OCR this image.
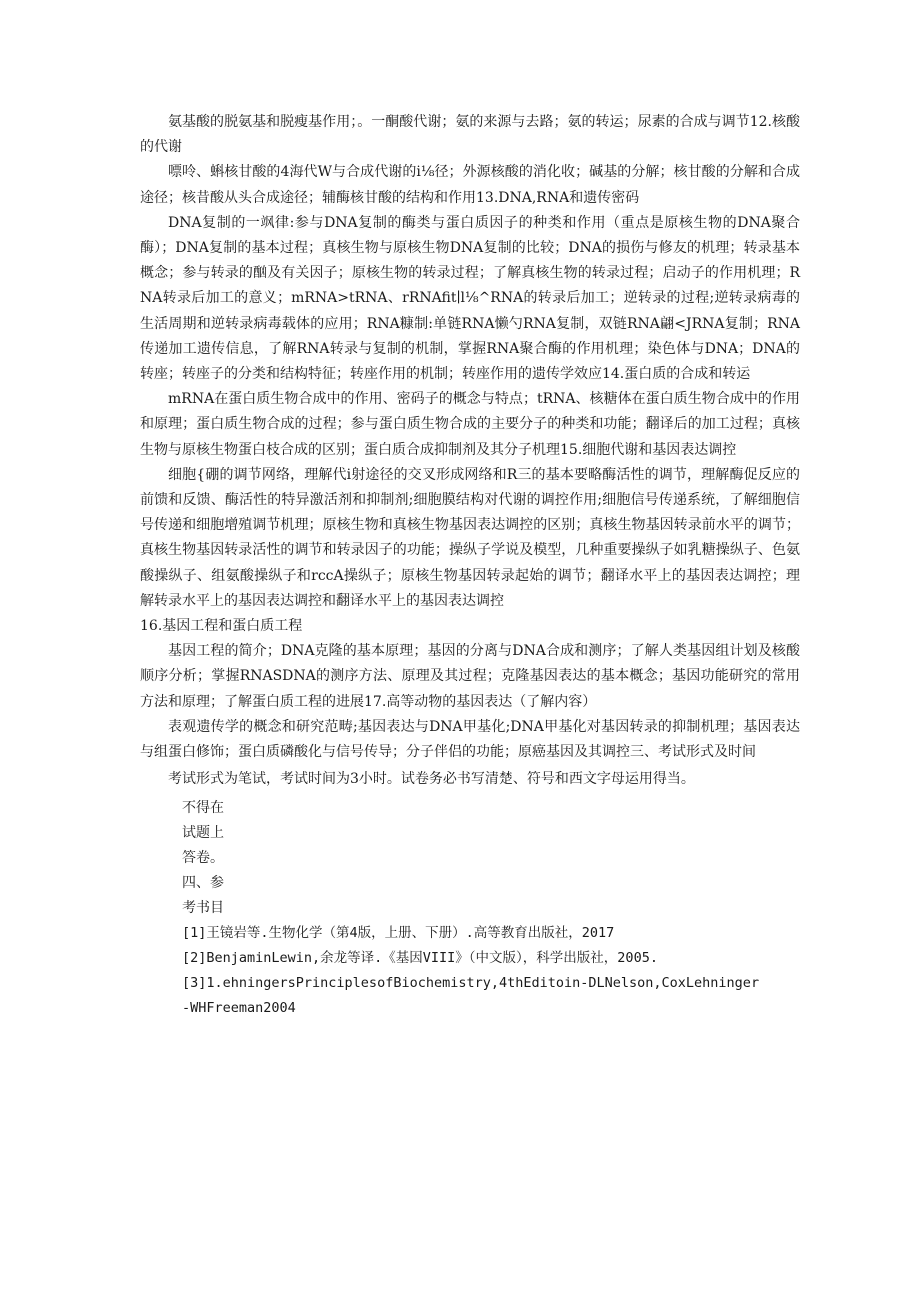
氨基酸的脱氨基和脱瘦基作用；。一酮酸代谢；氨的来源与去路；氨的转运；尿素的合成与调节12.核酸的代谢

嘌呤、蝌核甘酸的4海代W与合成代谢的i⅛径；外源核酸的消化收；碱基的分解；核甘酸的分解和合成途径；核昔酸从头合成途径；辅酶核甘酸的结构和作用13.DNA,RNA和遗传密码

DNA复制的一飒律:参与DNA复制的酶类与蛋白质因子的种类和作用（重点是原核生物的DNA聚合酶）；DNA复制的基本过程；真核生物与原核生物DNA复制的比较；DNA的损伤与修友的机理；转录基本概念；参与转录的酗及有关因子；原核生物的转录过程；了解真核生物的转录过程；启动子的作用机理；RNA转录后加工的意义；mRNA>tRNA、rRNAfit∣l⅛^RNA的转录后加工；逆转录的过程;逆转录病毒的生活周期和逆转录病毒载体的应用；RNA糠制:单链RNA懒勺RNA复制，双链RNA翩<JRNA复制；RNA传递加工遗传信息，了解RNA转录与复制的机制，掌握RNA聚合酶的作用机理；染色体与DNA；DNA的转座；转座子的分类和结构特征；转座作用的机制；转座作用的遗传学效应14.蛋白质的合成和转运

mRNA在蛋白质生物合成中的作用、密码子的概念与特点；tRNA、核糖体在蛋白质生物合成中的作用和原理；蛋白质生物合成的过程；参与蛋白质生物合成的主要分子的种类和功能；翻译后的加工过程；真核生物与原核生物蛋白枝合成的区别；蛋白质合成抑制剂及其分子机理15.细胞代谢和基因表达调控

细胞{硼的调节网络，理解代i射途径的交叉形成网络和R三的基本要略酶活性的调节，理解酶促反应的前馈和反馈、酶活性的特异激活剂和抑制剂;细胞膜结构对代谢的调控作用;细胞信号传递系统，了解细胞信号传递和细胞增殖调节机理；原核生物和真核生物基因表达调控的区别；真核生物基因转录前水平的调节；真核生物基因转录活性的调节和转录因子的功能；操纵子学说及模型，几种重要操纵子如乳糖操纵子、色氨酸操纵子、组氨酸操纵子和rccA操纵子；原核生物基因转录起始的调节；翻译水平上的基因表达调控；理解转录水平上的基因表达调控和翻译水平上的基因表达调控

16.基因工程和蛋白质工程

基因工程的简介；DNA克隆的基本原理；基因的分离与DNA合成和测序；了解人类基因组计划及核酸顺序分析；掌握RNASDNA的测序方法、原理及其过程；克隆基因表达的基本概念；基因功能研究的常用方法和原理；了解蛋白质工程的进展17.高等动物的基因表达（了解内容）

表观遗传学的概念和研究范畴;基因表达与DNA甲基化;DNA甲基化对基因转录的抑制机理；基因表达与组蛋白修饰；蛋白质磷酸化与信号传导；分子伴侣的功能；原癌基因及其调控三、考试形式及时间

考试形式为笔试，考试时间为3小时。试卷务必书写清楚、符号和西文字母运用得当。

不得在

试题上

答卷。

四、参

考书目

[1]王镜岩等.生物化学（第4版，上册、下册）.高等教育出版社，2017

[2]BenjaminLewin,余龙等译.《基因VIII》（中文版），科学出版社，2005.

[3]1.ehningersPrinciplesofBiochemistry,4thEditoin-DLNelson,CoxLehninger

-WHFreeman2004
